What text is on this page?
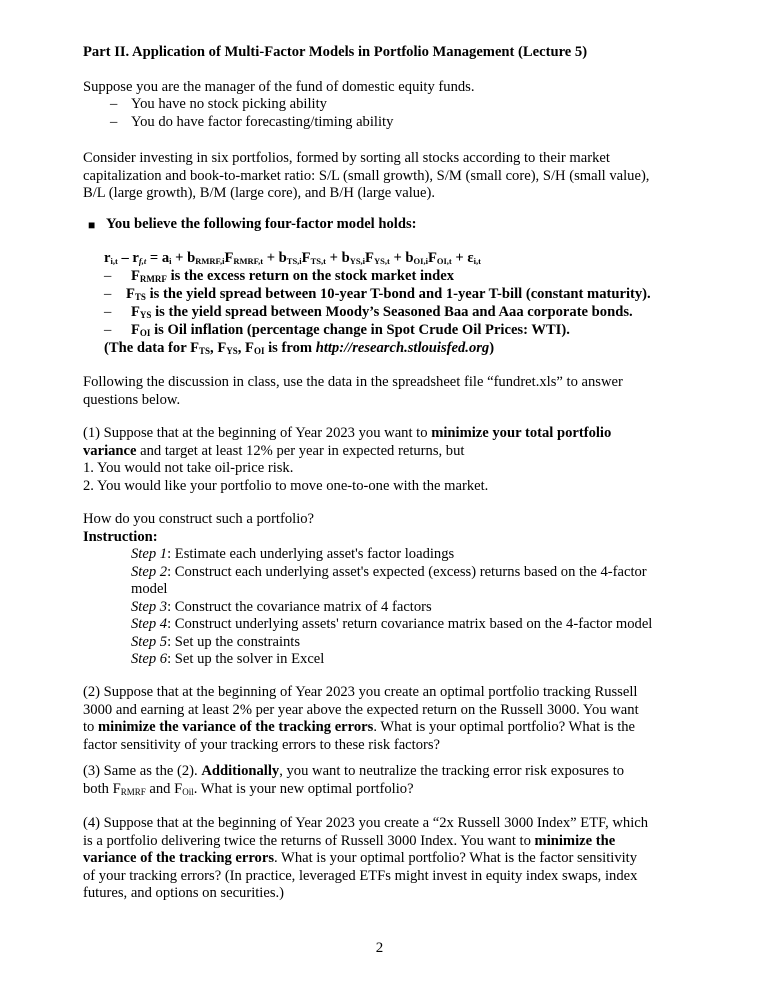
Part II. Application of Multi-Factor Models in Portfolio Management (Lecture 5)
Suppose you are the manager of the fund of domestic equity funds.
– You have no stock picking ability
– You do have factor forecasting/timing ability
Consider investing in six portfolios, formed by sorting all stocks according to their market
capitalization and book-to-market ratio: S/L (small growth), S/M (small core), S/H (small value),
B/L (large growth), B/M (large core), and B/H (large value).
■ You believe the following four-factor model holds:
$r_{i,t} - r_{f,t} = a_i + b_{RMRF,i}F_{RMRF,t} + b_{TS,i}F_{TS,t} + b_{YS,i}F_{YS,t} + b_{OI,i}F_{OI,t} + \varepsilon_{i,t}$
– $F_{RMRF}$ is the excess return on the stock market index
– $F_{TS}$ is the yield spread between 10-year T-bond and 1-year T-bill (constant maturity).
– $F_{YS}$ is the yield spread between Moody’s Seasoned Baa and Aaa corporate bonds.
– $F_{OI}$ is Oil inflation (percentage change in Spot Crude Oil Prices: WTI).
(The data for $F_{TS}$, $F_{YS}$, $F_{OI}$ is from http://research.stlouisfed.org)
Following the discussion in class, use the data in the spreadsheet file “fundret.xls” to answer
questions below.
(1) Suppose that at the beginning of Year 2023 you want to minimize your total portfolio
variance and target at least 12% per year in expected returns, but
1. You would not take oil-price risk.
2. You would like your portfolio to move one-to-one with the market.
How do you construct such a portfolio?
Instruction:
Step 1: Estimate each underlying asset's factor loadings
Step 2: Construct each underlying asset's expected (excess) returns based on the 4-factor
model
Step 3: Construct the covariance matrix of 4 factors
Step 4: Construct underlying assets' return covariance matrix based on the 4-factor model
Step 5: Set up the constraints
Step 6: Set up the solver in Excel
(2) Suppose that at the beginning of Year 2023 you create an optimal portfolio tracking Russell
3000 and earning at least 2% per year above the expected return on the Russell 3000. You want
to minimize the variance of the tracking errors. What is your optimal portfolio? What is the
factor sensitivity of your tracking errors to these risk factors?
(3) Same as the (2). Additionally, you want to neutralize the tracking error risk exposures to
both $F_{RMRF}$ and $F_{Oil}$. What is your new optimal portfolio?
(4) Suppose that at the beginning of Year 2023 you create a “2x Russell 3000 Index” ETF, which
is a portfolio delivering twice the returns of Russell 3000 Index. You want to minimize the
variance of the tracking errors. What is your optimal portfolio? What is the factor sensitivity
of your tracking errors? (In practice, leveraged ETFs might invest in equity index swaps, index
futures, and options on securities.)
2
